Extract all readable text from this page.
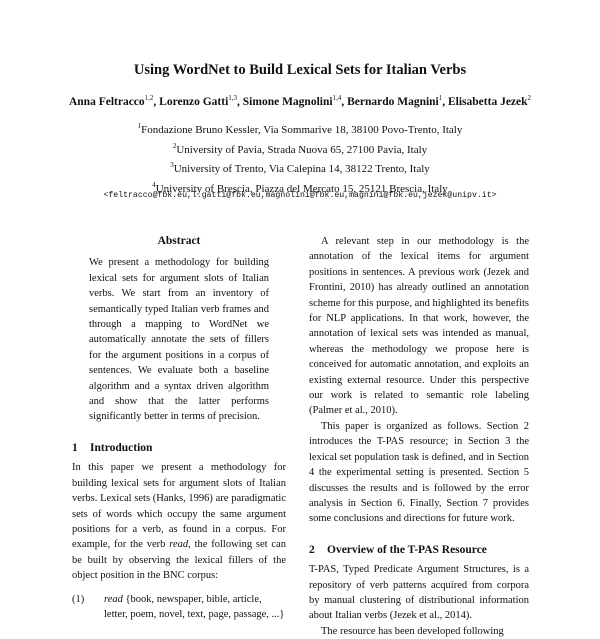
Using WordNet to Build Lexical Sets for Italian Verbs
Anna Feltracco$^{1,2}$, Lorenzo Gatti$^{1,3}$, Simone Magnolini$^{1,4}$, Bernardo Magnini$^1$, Elisabetta Jezek$^2$
$^1$Fondazione Bruno Kessler, Via Sommarive 18, 38100 Povo-Trento, Italy
$^2$University of Pavia, Strada Nuova 65, 27100 Pavia, Italy
$^3$University of Trento, Via Calepina 14, 38122 Trento, Italy
$^4$University of Brescia, Piazza del Mercato 15, 25121 Brescia, Italy
<feltracco@fbk.eu,l.gatti@fbk.eu,magnolini@fbk.eu,magnini@fbk.eu,jezek@unipv.it>
Abstract

We present a methodology for building lexical sets for argument slots of Italian verbs. We start from an inventory of semantically typed Italian verb frames and through a mapping to WordNet we automatically annotate the sets of fillers for the argument positions in a corpus of sentences. We evaluate both a baseline algorithm and a syntax driven algorithm and show that the latter performs significantly better in terms of precision.

1	Introduction

In this paper we present a methodology for building lexical sets for argument slots of Italian verbs. Lexical sets (Hanks, 1996) are paradigmatic sets of words which occupy the same argument positions for a verb, as found in a corpus. For example, for the verb read, the following set can be built by observing the lexical fillers of the object position in the BNC corpus:

(1)	read {book, newspaper, bible, article, letter, poem, novel, text, page, passage, ...}

A relevant step in our methodology is the annotation of the lexical items for argument positions in sentences. A previous work (Jezek and Frontini, 2010) has already outlined an annotation scheme for this purpose, and highlighted its benefits for NLP applications. In that work, however, the annotation of lexical sets was intended as manual, whereas the methodology we propose here is conceived for automatic annotation, and exploits an existing external resource. Under this perspective our work is related to semantic role labeling (Palmer et al., 2010).

This paper is organized as follows. Section 2 introduces the T-PAS resource; in Section 3 the lexical set population task is defined, and in Section 4 the experimental setting is presented. Section 5 discusses the results and is followed by the error analysis in Section 6. Finally, Section 7 provides some conclusions and directions for future work.

2	Overview of the T-PAS Resource

T-PAS, Typed Predicate Argument Structures, is a repository of verb patterns acquired from corpora by manual clustering of distributional information about Italian verbs (Jezek et al., 2014).

The resource has been developed following
